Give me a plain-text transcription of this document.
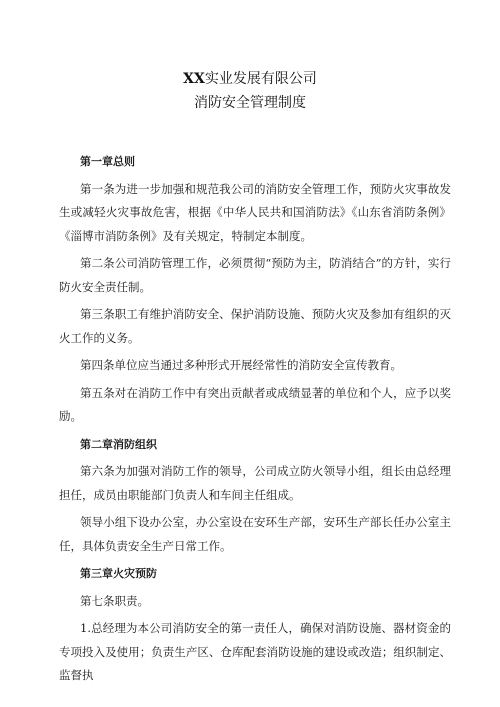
XX实业发展有限公司
消防安全管理制度
第一章总则
第一条为进一步加强和规范我公司的消防安全管理工作，预防火灾事故发生或减轻火灾事故危害，根据《中华人民共和国消防法》《山东省消防条例》《淄博市消防条例》及有关规定，特制定本制度。
第二条公司消防管理工作，必须贯彻“预防为主，防消结合”的方针，实行防火安全责任制。
第三条职工有维护消防安全、保护消防设施、预防火灾及参加有组织的灭火工作的义务。
第四条单位应当通过多种形式开展经常性的消防安全宣传教育。
第五条对在消防工作中有突出贡献者或成绩显著的单位和个人，应予以奖励。
第二章消防组织
第六条为加强对消防工作的领导，公司成立防火领导小组，组长由总经理担任，成员由职能部门负责人和车间主任组成。
领导小组下设办公室，办公室设在安环生产部，安环生产部长任办公室主任，具体负责安全生产日常工作。
第三章火灾预防
第七条职责。
1.总经理为本公司消防安全的第一责任人，确保对消防设施、器材资金的专项投入及使用；负责生产区、仓库配套消防设施的建设或改造；组织制定、监督执
